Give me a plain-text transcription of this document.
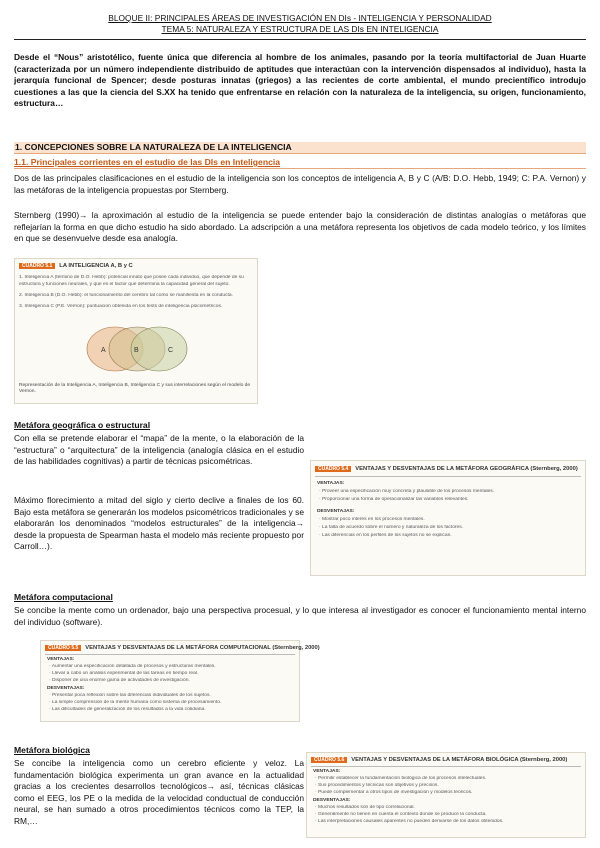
BLOQUE II: PRINCIPALES ÁREAS DE INVESTIGACIÓN EN DIs - INTELIGENCIA Y PERSONALIDAD
TEMA 5: NATURALEZA Y ESTRUCTURA DE LAS DIs EN INTELIGENCIA

Desde el “Nous” aristotélico, fuente única que diferencia al hombre de los animales, pasando por la teoría multifactorial de Juan Huarte (caracterizada por un número independiente distribuido de aptitudes que interactúan con la intervención dispensados al individuo), hasta la jerarquía funcional de Spencer; desde posturas innatas (griegos) a las recientes de corte ambiental, el mundo precientífico introdujo cuestiones a las que la ciencia del S.XX ha tenido que enfrentarse en relación con la naturaleza de la inteligencia, su origen, funcionamiento, estructura…

1. CONCEPCIONES SOBRE LA NATURALEZA DE LA INTELIGENCIA
1.1. Principales corrientes en el estudio de las DIs en Inteligencia

Dos de las principales clasificaciones en el estudio de la inteligencia son los conceptos de inteligencia A, B y C (A/B: D.O. Hebb, 1949; C: P.A. Vernon) y las metáforas de la inteligencia propuestas por Sternberg.

Sternberg (1990)→ la aproximación al estudio de la inteligencia se puede entender bajo la consideración de distintas analogías o metáforas que reflejarían la forma en que dicho estudio ha sido abordado. La adscripción a una metáfora representa los objetivos de cada modelo teórico, y los límites en que se desenvuelve desde esa analogía.

CUADRO 5.1 LA INTELIGENCIA A, B y C
1. Inteligencia A (término de D.O. Hebb): potencial innato que posee cada individuo, que depende de su
estructura y funciones neurales, y que es el factor que determina la capacidad general del sujeto.
2. Inteligencia B (D.O. Hebb): el funcionamiento del cerebro tal como se manifiesta en la conducta.
3. Inteligencia C (P.E. Vernon): puntuación obtenida en los tests de inteligencia psicométricos.
A	B	C
Representación de la Inteligencia A, Inteligencia B, Inteligencia C y sus interrelaciones según el modelo de Vernon.
Metáfora geográfica o estructural

Con ella se pretende elaborar el “mapa” de la mente, o la elaboración de la “estructura” o “arquitectura” de la inteligencia (analogía clásica en el estudio de las habilidades cognitivas) a partir de técnicas psicométricas.

Máximo florecimiento a mitad del siglo y cierto declive a finales de los 60. Bajo esta metáfora se generarán los modelos psicométricos tradicionales y se elaborarán los denominados “modelos estructurales” de la inteligencia→ desde la propuesta de Spearman hasta el modelo más reciente propuesto por Carroll…).

CUADRO 5.4 VENTAJAS Y DESVENTAJAS DE LA METÁFORA GEOGRÁFICA (Sternberg, 2000)
VENTAJAS:
· Proveer una especificación muy concreta y plausible de los procesos mentales.
· Proporcionar una forma de operacionalizar las variables relevantes.
DESVENTAJAS:
· Mostrar poco interés en los procesos mentales.
· La falta de acuerdo sobre el número y naturaleza de los factores.
· Las diferencias en los perfiles de los sujetos no se explican.
Metáfora computacional

Se concibe la mente como un ordenador, bajo una perspectiva procesual, y lo que interesa al investigador es conocer el funcionamiento mental interno del individuo (software).

CUADRO 5.5 VENTAJAS Y DESVENTAJAS DE LA METÁFORA COMPUTACIONAL (Sternberg, 2000)
VENTAJAS:
· Aumentar una especificación detallada de procesos y estructuras mentales.
· Llevar a cabo un análisis experimental de las tareas en tiempo real.
· Disponer de una enorme gama de actividades de investigación.
DESVENTAJAS:
· Presentar poca reflexión sobre las diferencias individuales de los sujetos.
· La simple comprensión de la mente humana como sistema de procesamiento.
· Las dificultades de generalización de los resultados a la vida cotidiana.
Metáfora biológica

Se concibe la inteligencia como un cerebro eficiente y veloz. La fundamentación biológica experimenta un gran avance en la actualidad gracias a los crecientes desarrollos tecnológicos→ así, técnicas clásicas como el EEG, los PE o la medida de la velocidad conductual de conducción neural, se han sumado a otros procedimientos técnicos como la TEP, la RM,…

CUADRO 5.6 VENTAJAS Y DESVENTAJAS DE LA METÁFORA BIOLÓGICA (Sternberg, 2000)
VENTAJAS:
· Permitir establecer la fundamentación biológica de los procesos intelectuales.
· Sus procedimientos y técnicas son objetivos y precisos.
· Puede complementar a otros tipos de investigación y modelos teóricos.
DESVENTAJAS:
· Muchos resultados son de tipo correlacional.
· Generalmente no tienen en cuenta el contexto donde se produce la conducta.
· Las interpretaciones causales aparentes no pueden derivarse de los datos obtenidos.
